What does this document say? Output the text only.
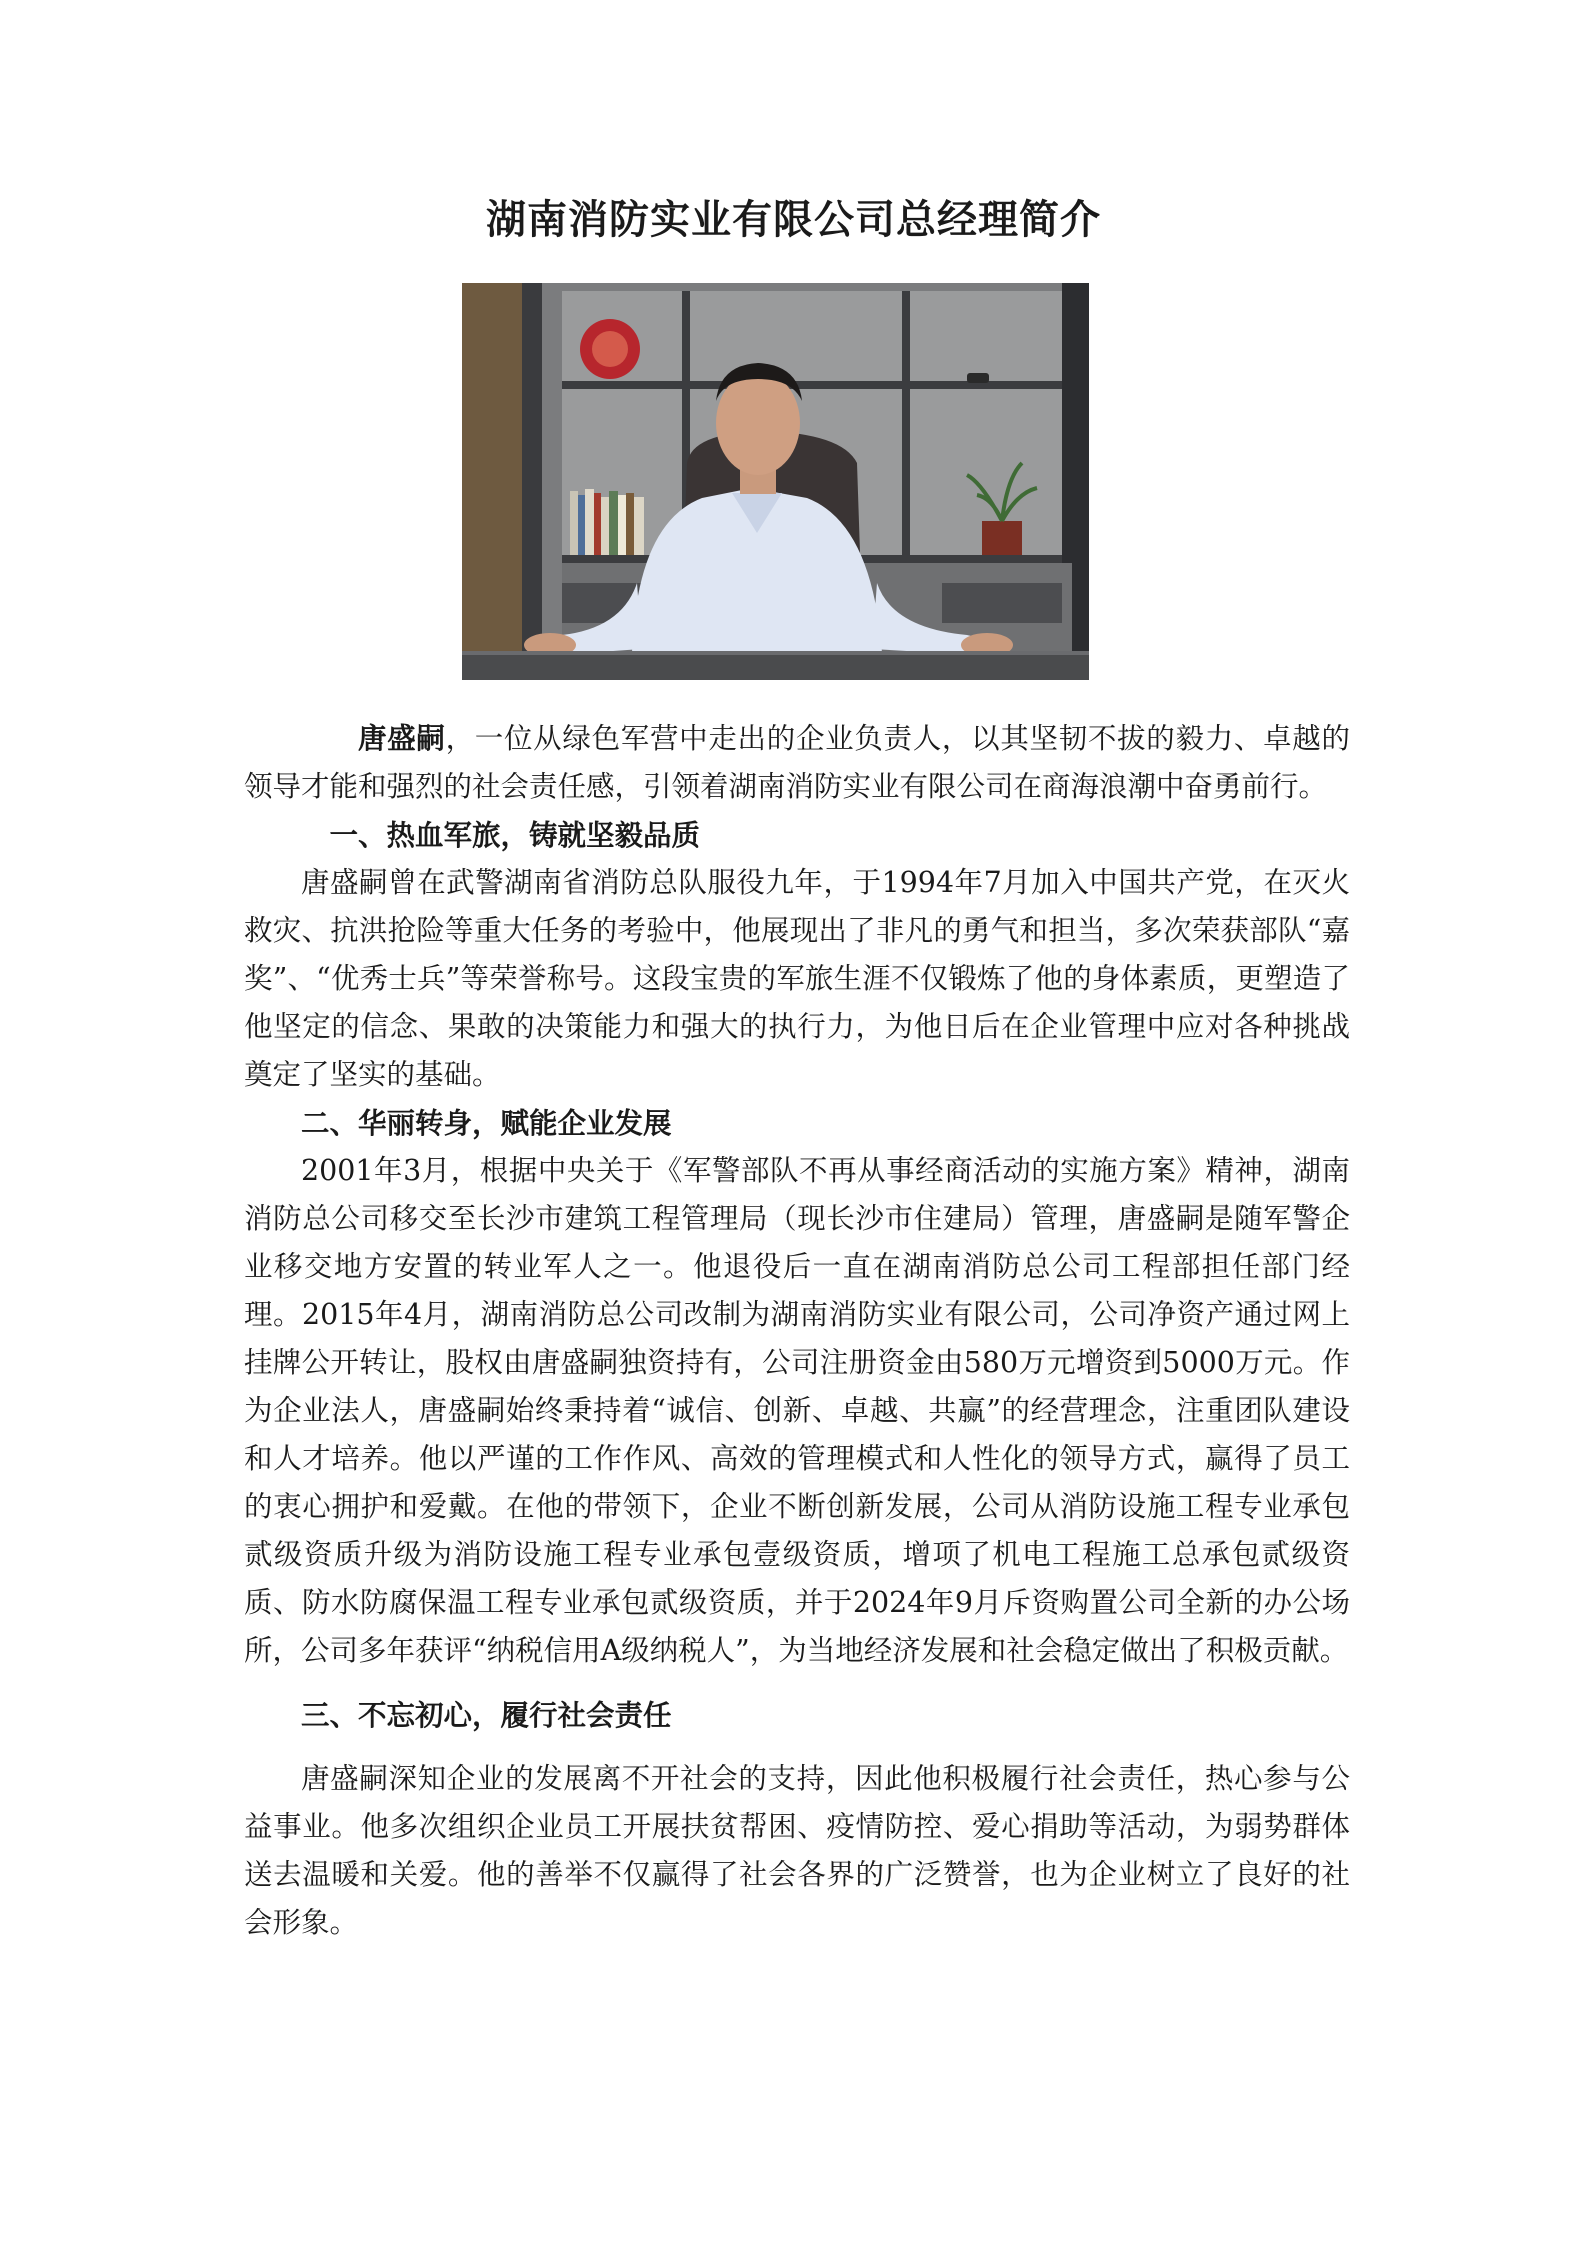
湖南消防实业有限公司总经理简介

唐盛嗣，一位从绿色军营中走出的企业负责人，以其坚韧不拔的毅力、卓越的领导才能和强烈的社会责任感，引领着湖南消防实业有限公司在商海浪潮中奋勇前行。

一、热血军旅，铸就坚毅品质

唐盛嗣曾在武警湖南省消防总队服役九年，于1994年7月加入中国共产党，在灭火救灾、抗洪抢险等重大任务的考验中，他展现出了非凡的勇气和担当，多次荣获部队“嘉奖”、“优秀士兵”等荣誉称号。这段宝贵的军旅生涯不仅锻炼了他的身体素质，更塑造了他坚定的信念、果敢的决策能力和强大的执行力，为他日后在企业管理中应对各种挑战奠定了坚实的基础。

二、华丽转身，赋能企业发展

2001年3月，根据中央关于《军警部队不再从事经商活动的实施方案》精神，湖南消防总公司移交至长沙市建筑工程管理局（现长沙市住建局）管理，唐盛嗣是随军警企业移交地方安置的转业军人之一。他退役后一直在湖南消防总公司工程部担任部门经理。2015年4月，湖南消防总公司改制为湖南消防实业有限公司，公司净资产通过网上挂牌公开转让，股权由唐盛嗣独资持有，公司注册资金由580万元增资到5000万元。作为企业法人，唐盛嗣始终秉持着“诚信、创新、卓越、共赢”的经营理念，注重团队建设和人才培养。他以严谨的工作作风、高效的管理模式和人性化的领导方式，赢得了员工的衷心拥护和爱戴。在他的带领下，企业不断创新发展，公司从消防设施工程专业承包贰级资质升级为消防设施工程专业承包壹级资质，增项了机电工程施工总承包贰级资质、防水防腐保温工程专业承包贰级资质，并于2024年9月斥资购置公司全新的办公场所，公司多年获评“纳税信用A级纳税人”，为当地经济发展和社会稳定做出了积极贡献。

三、不忘初心，履行社会责任

唐盛嗣深知企业的发展离不开社会的支持，因此他积极履行社会责任，热心参与公益事业。他多次组织企业员工开展扶贫帮困、疫情防控、爱心捐助等活动，为弱势群体送去温暖和关爱。他的善举不仅赢得了社会各界的广泛赞誉，也为企业树立了良好的社会形象。
